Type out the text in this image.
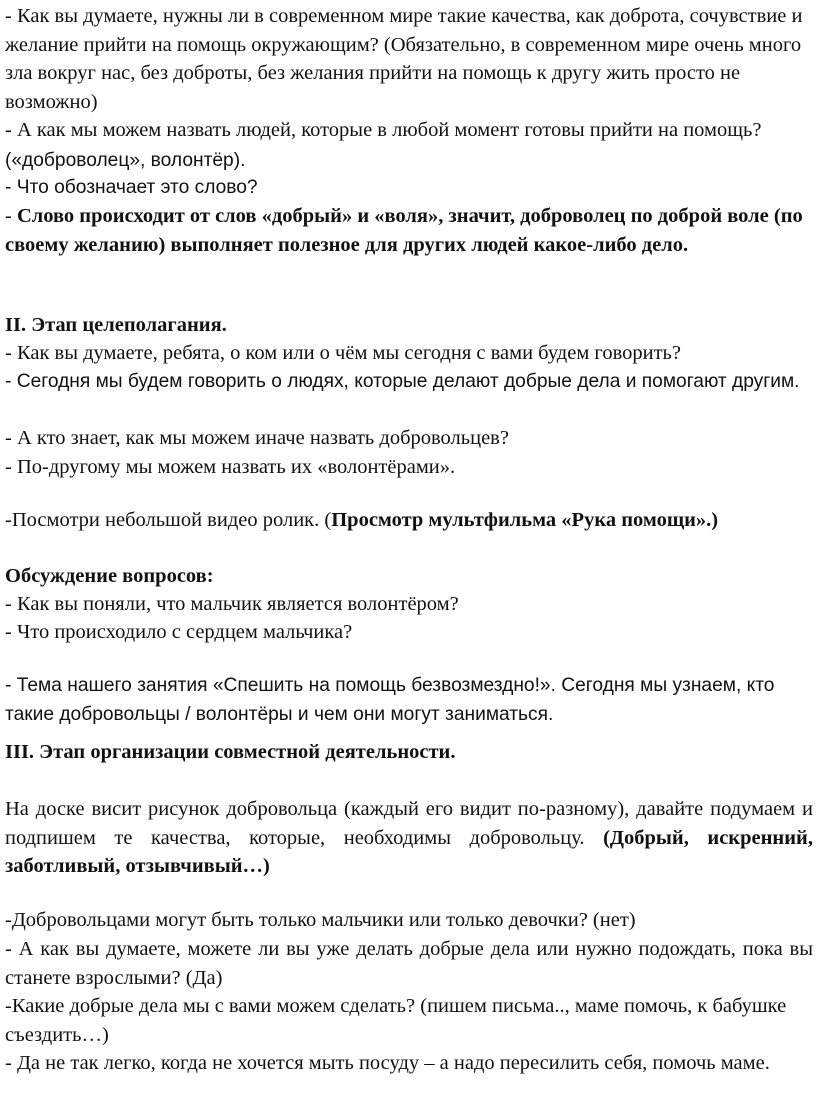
- Как вы думаете, нужны ли в современном мире такие качества, как доброта, сочувствие и желание прийти на помощь окружающим? (Обязательно, в современном мире очень много зла вокруг нас, без доброты, без желания прийти на помощь к другу жить просто не возможно)

- А как мы можем назвать людей, которые в любой момент готовы прийти на помощь? («доброволец», волонтёр).

- Что обозначает это слово?

- Слово происходит от слов «добрый» и «воля», значит, доброволец по доброй воле (по своему желанию) выполняет полезное для других людей какое-либо дело.

II. Этап целеполагания.

- Как вы думаете, ребята, о ком или о чём мы сегодня с вами будем говорить?

- Сегодня мы будем говорить о людях, которые делают добрые дела и помогают другим.

- А кто знает, как мы можем иначе назвать добровольцев?

- По-другому мы можем назвать их «волонтёрами».

-Посмотри небольшой видео ролик. (Просмотр мультфильма «Рука помощи».)

Обсуждение вопросов:

- Как вы поняли, что мальчик является волонтёром?

- Что происходило с сердцем мальчика?

- Тема нашего занятия «Спешить на помощь безвозмездно!». Сегодня мы узнаем, кто такие добровольцы / волонтёры и чем они могут заниматься.

III. Этап организации совместной деятельности.

На доске висит рисунок добровольца (каждый его видит по-разному), давайте подумаем и подпишем те качества, которые, необходимы добровольцу. (Добрый, искренний, заботливый, отзывчивый…)

-Добровольцами могут быть только мальчики или только девочки? (нет)

- А как вы думаете, можете ли вы уже делать добрые дела или нужно подождать, пока вы станете взрослыми? (Да)

-Какие добрые дела мы с вами можем сделать? (пишем письма.., маме помочь, к бабушке съездить…)

- Да не так легко, когда не хочется мыть посуду – а надо пересилить себя, помочь маме.
